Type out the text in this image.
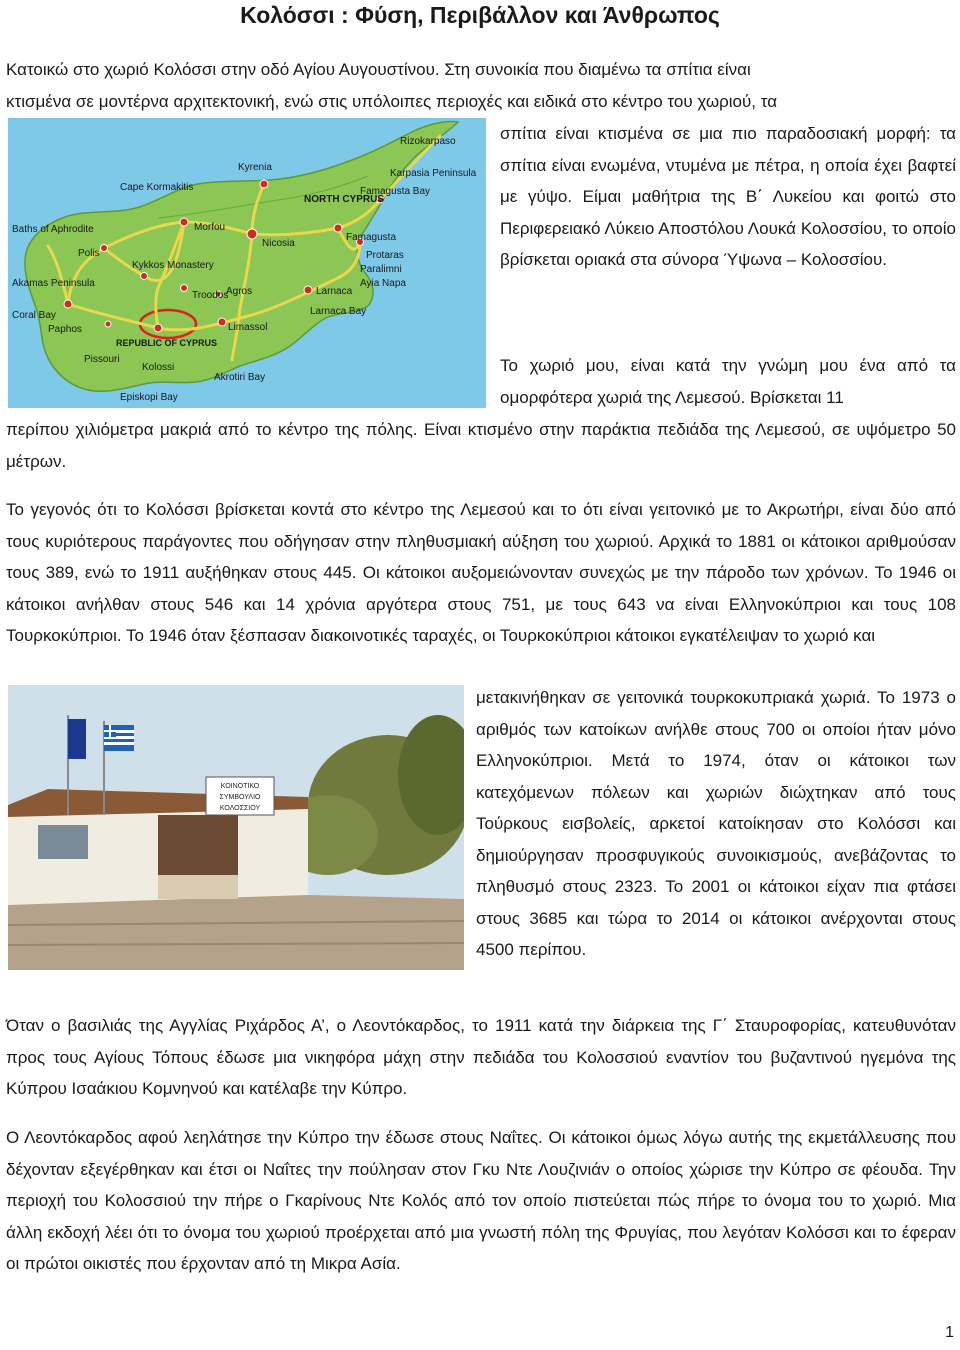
Κολόσσι : Φύση, Περιβάλλον και Άνθρωπος

Κατοικώ στο χωριό Κολόσσι στην οδό Αγίου Αυγουστίνου. Στη συνοικία που διαμένω τα σπίτια είναι

κτισμένα σε μοντέρνα αρχιτεκτονική, ενώ στις υπόλοιπες περιοχές και ειδικά στο κέντρο του χωριού, τα

Rizokarpaso
Karpasia Peninsula
Cape Kormakitis
Kyrenia
NORTH CYPRUS
Famagusta Bay
Baths of Aphrodite	Morfou
Nicosia
Famagusta
Polis
Kykkos Monastery
Protaras
Akamas Peninsula
Paralimni
Ayia Napa
Troodos
Agros
Coral Bay
Larnaca
Larnaca Bay
Paphos
Pissouri
Limassol
Kolossi
REPUBLIC OF CYPRUS
Akrotiri Bay
Episkopi Bay

σπίτια είναι κτισμένα σε μια πιο παραδοσιακή μορφή: τα σπίτια είναι ενωμένα, ντυμένα με πέτρα, η οποία έχει βαφτεί με γύψο. Είμαι μαθήτρια της Β΄ Λυκείου και φοιτώ στο Περιφερειακό Λύκειο Αποστόλου Λουκά Κολοσσίου, το οποίο βρίσκεται οριακά στα σύνορα Ύψωνα – Κολοσσίου.

Το χωριό μου, είναι κατά την γνώμη μου ένα από τα ομορφότερα χωριά της Λεμεσού. Βρίσκεται 11

περίπου χιλιόμετρα μακριά από το κέντρο της πόλης. Είναι κτισμένο στην παράκτια πεδιάδα της Λεμεσού, σε υψόμετρο 50 μέτρων.

Το γεγονός ότι το Κολόσσι βρίσκεται κοντά στο κέντρο της Λεμεσού και το ότι είναι γειτονικό με το Ακρωτήρι, είναι δύο από τους κυριότερους παράγοντες που οδήγησαν στην πληθυσμιακή αύξηση του χωριού. Αρχικά το 1881 οι κάτοικοι αριθμούσαν τους 389, ενώ το 1911 αυξήθηκαν στους 445. Οι κάτοικοι αυξομειώνονταν συνεχώς με την πάροδο των χρόνων. Το 1946 οι κάτοικοι ανήλθαν στους 546 και 14 χρόνια αργότερα στους 751, με τους 643 να είναι Ελληνοκύπριοι και τους 108 Τουρκοκύπριοι. Το 1946 όταν ξέσπασαν διακοινοτικές ταραχές, οι Τουρκοκύπριοι κάτοικοι εγκατέλειψαν το χωριό και

ΚΟΙΝΟΤΙΚΟ
ΣΥΜΒΟΥΛΙΟ
ΚΟΛΟΣΣΙΟΥ

μετακινήθηκαν σε γειτονικά τουρκοκυπριακά χωριά. Το 1973 ο αριθμός των κατοίκων ανήλθε στους 700 οι οποίοι ήταν μόνο Ελληνοκύπριοι. Μετά το 1974, όταν οι κάτοικοι των κατεχόμενων πόλεων και χωριών διώχτηκαν από τους Τούρκους εισβολείς, αρκετοί κατοίκησαν στο Κολόσσι και δημιούργησαν προσφυγικούς συνοικισμούς, ανεβάζοντας το πληθυσμό στους 2323. Το 2001 οι κάτοικοι είχαν πια φτάσει στους 3685 και τώρα το 2014 οι κάτοικοι ανέρχονται στους 4500 περίπου.

Όταν ο βασιλιάς της Αγγλίας Ριχάρδος Α’, ο Λεοντόκαρδος, το 1911 κατά την διάρκεια της Γ΄ Σταυροφορίας, κατευθυνόταν προς τους Αγίους Τόπους έδωσε μια νικηφόρα μάχη στην πεδιάδα του Κολοσσιού εναντίον του βυζαντινού ηγεμόνα της Κύπρου Ισαάκιου Κομνηνού και κατέλαβε την Κύπρο.

Ο Λεοντόκαρδος αφού λεηλάτησε την Κύπρο την έδωσε στους Ναΐτες. Οι κάτοικοι όμως λόγω αυτής της εκμετάλλευσης που δέχονταν εξεγέρθηκαν και έτσι οι Ναΐτες την πούλησαν στον Γκυ Ντε Λουζινιάν ο οποίος χώρισε την Κύπρο σε φέουδα. Την περιοχή του Κολοσσιού την πήρε ο Γκαρίνους Ντε Κολός από τον οποίο πιστεύεται πώς πήρε το όνομα του το χωριό. Μια άλλη εκδοχή λέει ότι το όνομα του χωριού προέρχεται από μια γνωστή πόλη της Φρυγίας, που λεγόταν Κολόσσι και το έφεραν οι πρώτοι οικιστές που έρχονταν από τη Μικρα Ασία.

1
